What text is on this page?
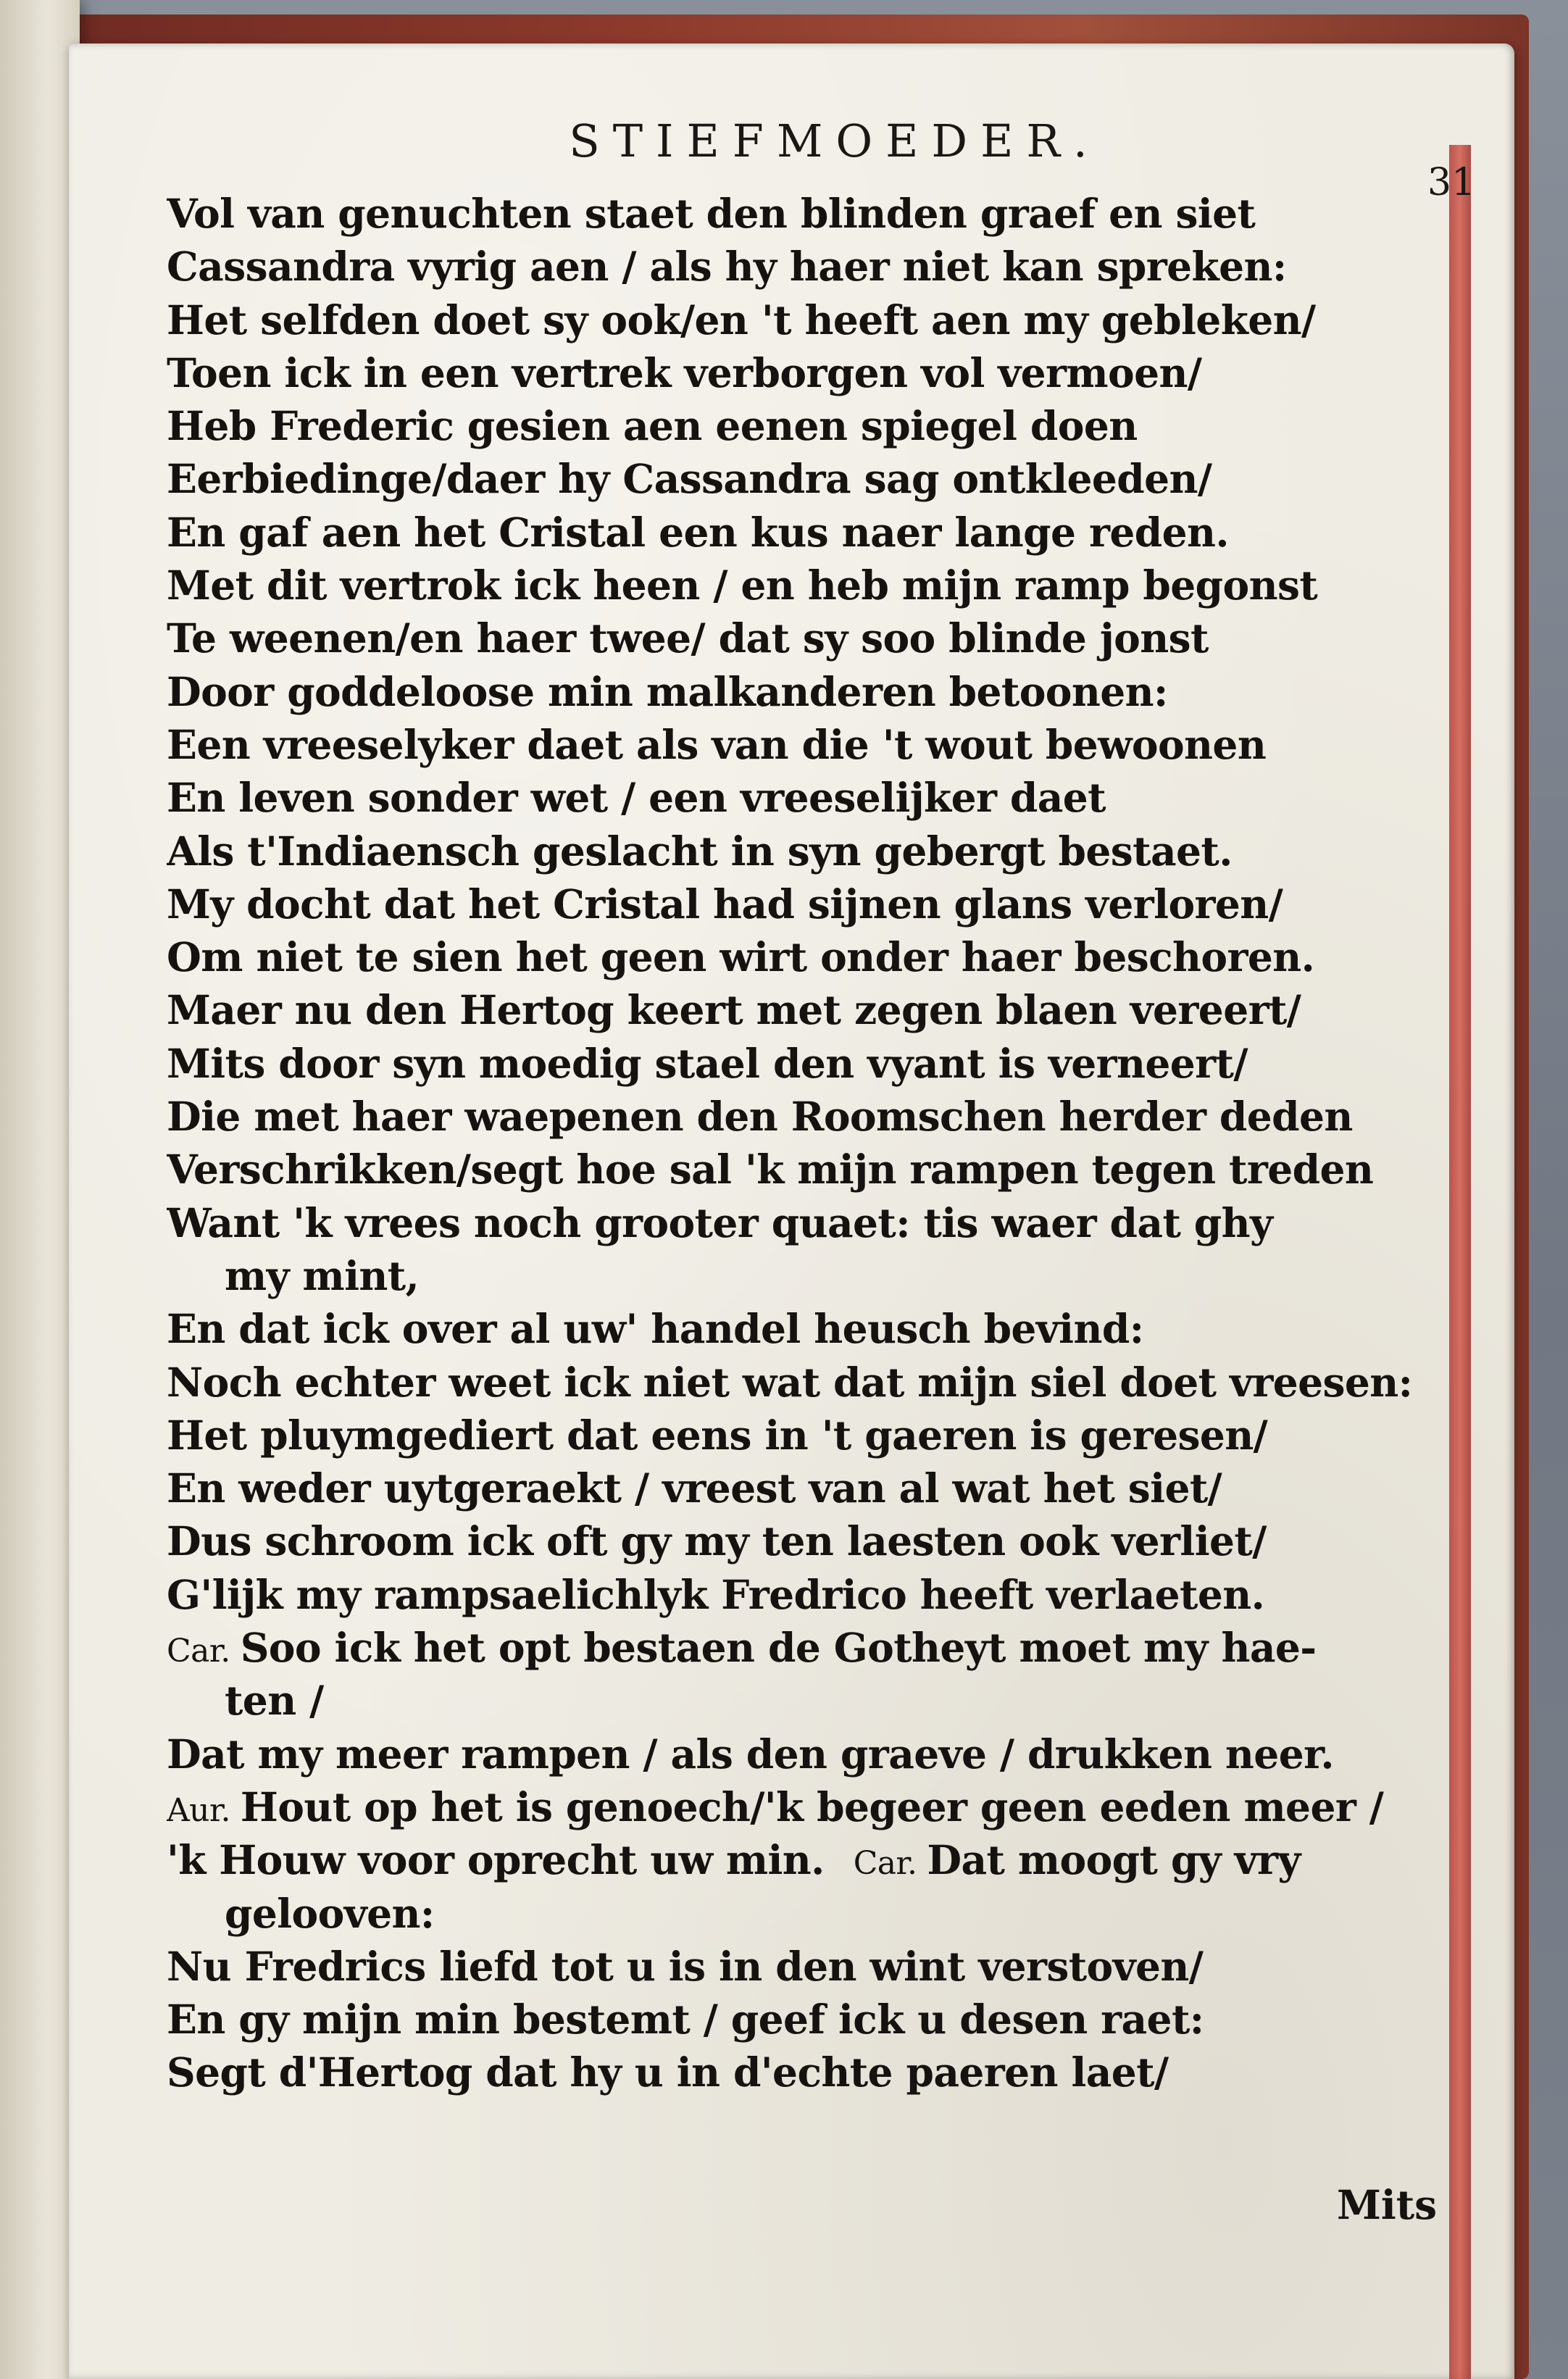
STIEFMOEDER.
31
Vol van genuchten staet den blinden graef en siet
Cassandra vyrig aen / als hy haer niet kan spreken:
Het selfden doet sy ook/en 't heeft aen my gebleken/
Toen ick in een vertrek verborgen vol vermoen/
Heb Frederic gesien aen eenen spiegel doen
Eerbiedinge/daer hy Cassandra sag ontkleeden/
En gaf aen het Cristal een kus naer lange reden.
Met dit vertrok ick heen / en heb mijn ramp begonst
Te weenen/en haer twee/ dat sy soo blinde jonst
Door goddeloose min malkanderen betoonen:
Een vreeselyker daet als van die 't wout bewoonen
En leven sonder wet / een vreeselijker daet
Als t'Indiaensch geslacht in syn gebergt bestaet.
My docht dat het Cristal had sijnen glans verloren/
Om niet te sien het geen wirt onder haer beschoren.
Maer nu den Hertog keert met zegen blaen vereert/
Mits door syn moedig stael den vyant is verneert/
Die met haer waepenen den Roomschen herder deden
Verschrikken/segt hoe sal 'k mijn rampen tegen treden
Want 'k vrees noch grooter quaet: tis waer dat ghy
my mint,
En dat ick over al uw' handel heusch bevind:
Noch echter weet ick niet wat dat mijn siel doet vreesen:
Het pluymgediert dat eens in 't gaeren is geresen/
En weder uytgeraekt / vreest van al wat het siet/
Dus schroom ick oft gy my ten laesten ook verliet/
G'lijk my rampsaelichlyk Fredrico heeft verlaeten.
Car. Soo ick het opt bestaen de Gotheyt moet my hae-
ten /
Dat my meer rampen / als den graeve / drukken neer.
Aur. Hout op het is genoech/'k begeer geen eeden meer /
'k Houw voor oprecht uw min. Car. Dat moogt gy vry
gelooven:
Nu Fredrics liefd tot u is in den wint verstoven/
En gy mijn min bestemt / geef ick u desen raet:
Segt d'Hertog dat hy u in d'echte paeren laet/
Mits
